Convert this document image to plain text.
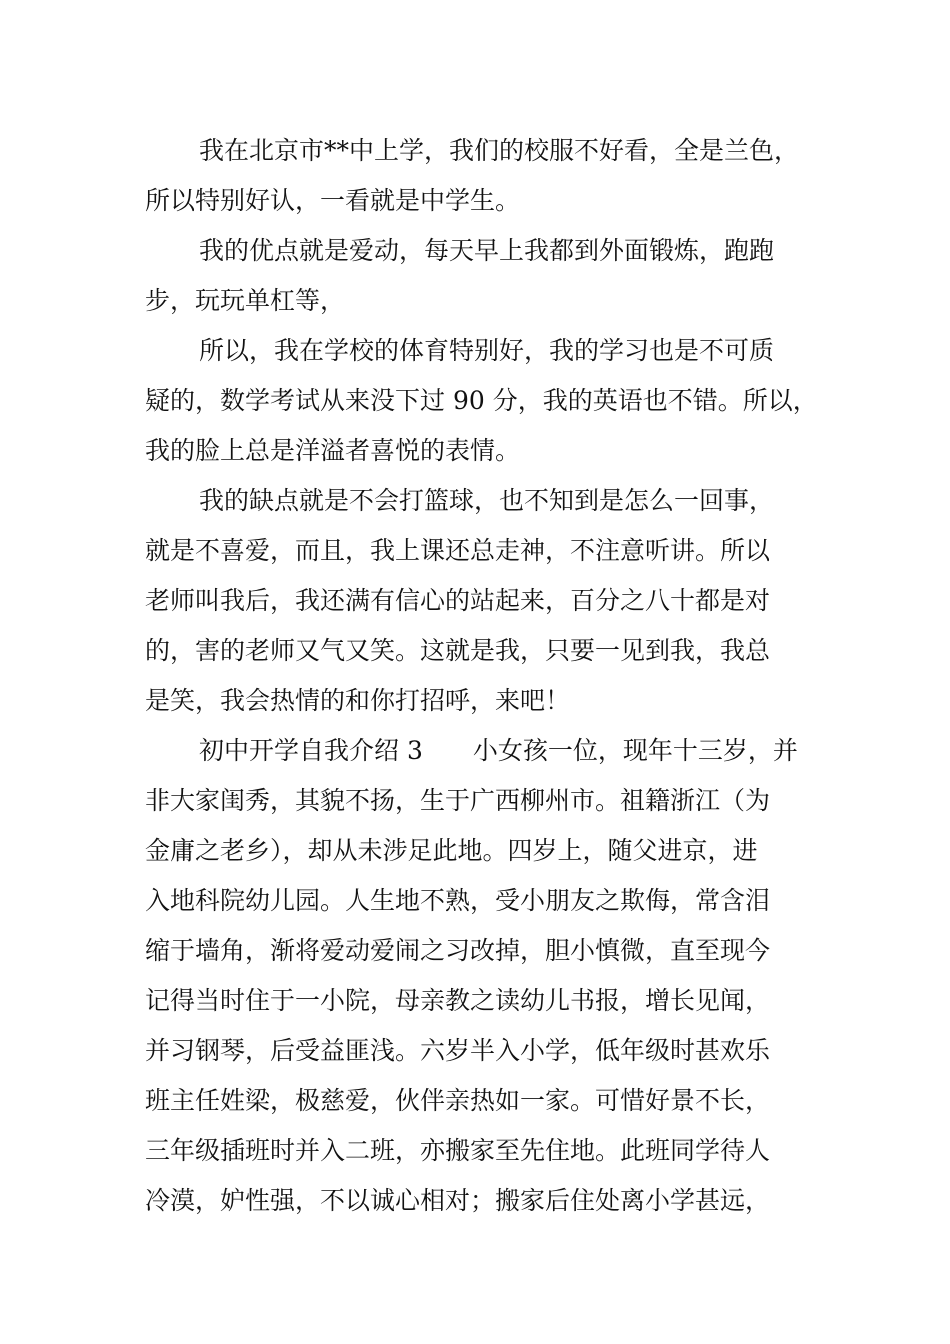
我在北京市**中上学，我们的校服不好看，全是兰色，
所以特别好认，一看就是中学生。
我的优点就是爱动，每天早上我都到外面锻炼，跑跑
步，玩玩单杠等，
所以，我在学校的体育特别好，我的学习也是不可质
疑的，数学考试从来没下过 90 分，我的英语也不错。所以，
我的脸上总是洋溢者喜悦的表情。
我的缺点就是不会打篮球，也不知到是怎么一回事，
就是不喜爱，而且，我上课还总走神，不注意听讲。所以
老师叫我后，我还满有信心的站起来，百分之八十都是对
的，害的老师又气又笑。这就是我，只要一见到我，我总
是笑，我会热情的和你打招呼，来吧！
初中开学自我介绍 3　　小女孩一位，现年十三岁，并
非大家闺秀，其貌不扬，生于广西柳州市。祖籍浙江（为
金庸之老乡），却从未涉足此地。四岁上，随父进京，进
入地科院幼儿园。人生地不熟，受小朋友之欺侮，常含泪
缩于墙角，渐将爱动爱闹之习改掉，胆小慎微，直至现今
记得当时住于一小院，母亲教之读幼儿书报，增长见闻，
并习钢琴，后受益匪浅。六岁半入小学，低年级时甚欢乐
班主任姓梁，极慈爱，伙伴亲热如一家。可惜好景不长，
三年级插班时并入二班，亦搬家至先住地。此班同学待人
冷漠，妒性强，不以诚心相对；搬家后住处离小学甚远，
